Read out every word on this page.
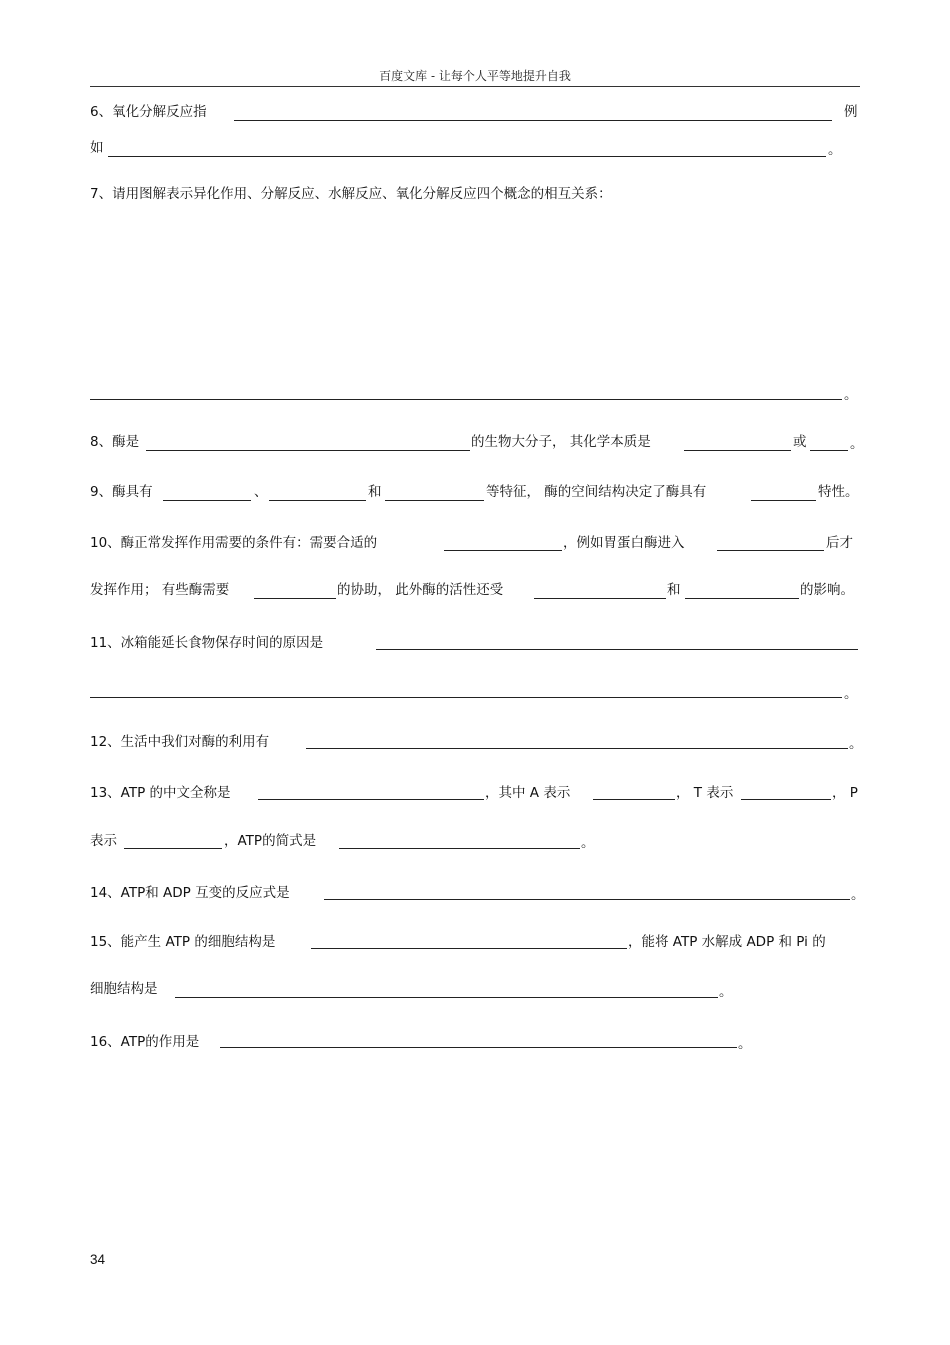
百度文库 - 让每个人平等地提升自我
6、氧化分解反应指	例
如	。
7、请用图解表示异化作用、分解反应、水解反应、氧化分解反应四个概念的相互关系：
。
8、酶是	的生物大分子， 其化学本质是	或	。
9、酶具有	、	和	等特征， 酶的空间结构决定了酶具有	特性。
10、酶正常发挥作用需要的条件有：需要合适的	，例如胃蛋白酶进入	后才
发挥作用； 有些酶需要	的协助， 此外酶的活性还受	和	的影响。
11、冰箱能延长食物保存时间的原因是
。
12、生活中我们对酶的利用有	。
13、ATP 的中文全称是	，其中 A 表示	， T 表示	， P
表示	，ATP的简式是	。
14、ATP和 ADP 互变的反应式是	。
15、能产生 ATP 的细胞结构是	，能将 ATP 水解成 ADP 和 Pi 的
细胞结构是	。
16、ATP的作用是	。
34
